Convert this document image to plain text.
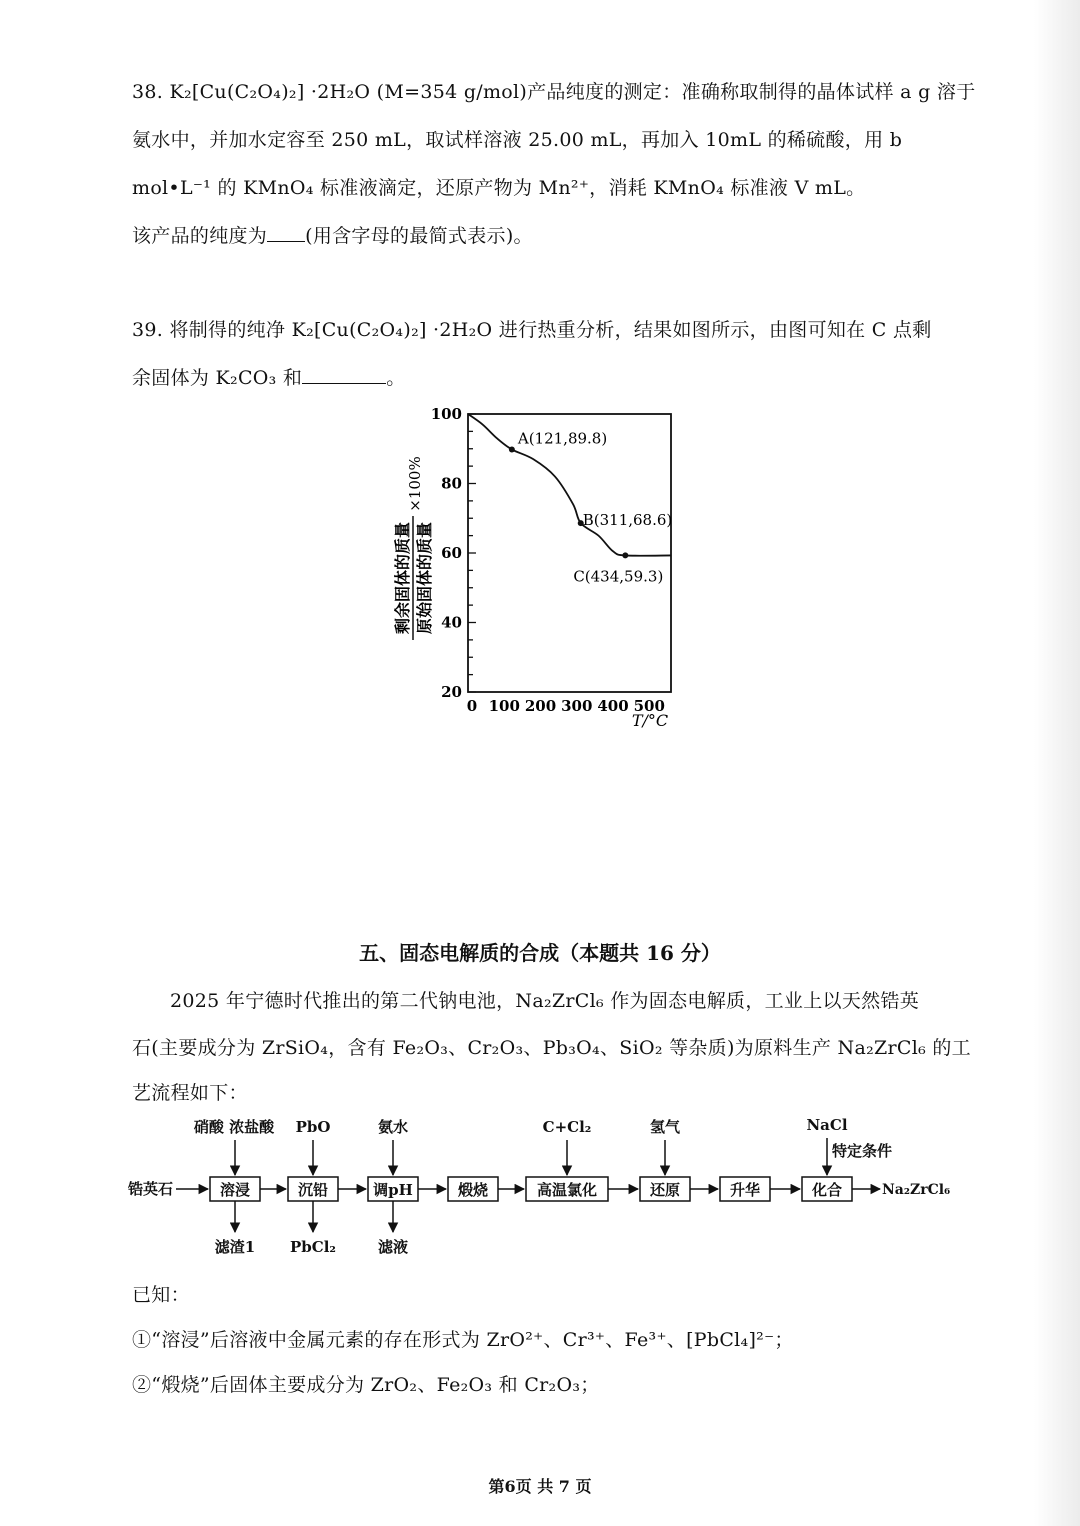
38. K₂[Cu(C₂O₄)₂] ·2H₂O (M=354 g/mol)产品纯度的测定：准确称取制得的晶体试样 a g 溶于
氨水中，并加水定容至 250 mL，取试样溶液 25.00 mL，再加入 10mL 的稀硫酸，用 b
mol•L⁻¹ 的 KMnO₄ 标准液滴定，还原产物为 Mn²⁺，消耗 KMnO₄ 标准液 V mL。
该产品的纯度为 (用含字母的最简式表示)。
39. 将制得的纯净 K₂[Cu(C₂O₄)₂] ·2H₂O 进行热重分析，结果如图所示，由图可知在 C 点剩
余固体为 K₂CO₃ 和	。
20
40
60
80
100
0 100 200 300 400 500
A(121,89.8)
B(311,68.6)
C(434,59.3)
T/°C
剩余固体的质量 原始固体的质量
×100%
五、固态电解质的合成（本题共 16 分）
2025 年宁德时代推出的第二代钠电池，Na₂ZrCl₆ 作为固态电解质，工业上以天然锆英
石(主要成分为 ZrSiO₄，含有 Fe₂O₃、Cr₂O₃、Pb₃O₄、SiO₂ 等杂质)为原料生产 Na₂ZrCl₆ 的工
艺流程如下：
锆英石	溶浸	沉铅	调pH	煅烧	高温氯化	还原	升华	化合	Na₂ZrCl₆
硝酸 浓盐酸 PbO	氨水	C+Cl₂	氢气	NaCl
特定条件
滤渣1 PbCl₂	滤液
已知：
①“溶浸”后溶液中金属元素的存在形式为 ZrO²⁺、Cr³⁺、Fe³⁺、[PbCl₄]²⁻；
②“煅烧”后固体主要成分为 ZrO₂、Fe₂O₃ 和 Cr₂O₃；
第6页 共 7 页
